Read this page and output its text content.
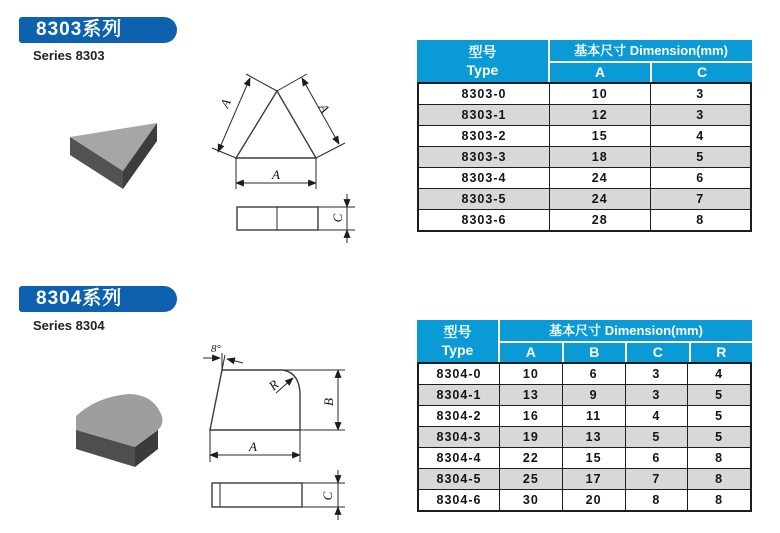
8303系列
Series 8303
A	A
A
C
型号
Type
基本尺寸 Dimension(mm)
A	C
8303-0	10	3
8303-1	12	3
8303-2	15	4
8303-3	18	5
8303-4	24	6
8303-5	24	7
8303-6	28	8
8304系列
Series 8304
8°
R
B
A
C
型号
Type
基本尺寸 Dimension(mm)
A	B	C	R
8304-0	10	6	3	4
8304-1	13	9	3	5
8304-2	16	11	4	5
8304-3	19	13	5	5
8304-4	22	15	6	8
8304-5	25	17	7	8
8304-6	30	20	8	8
